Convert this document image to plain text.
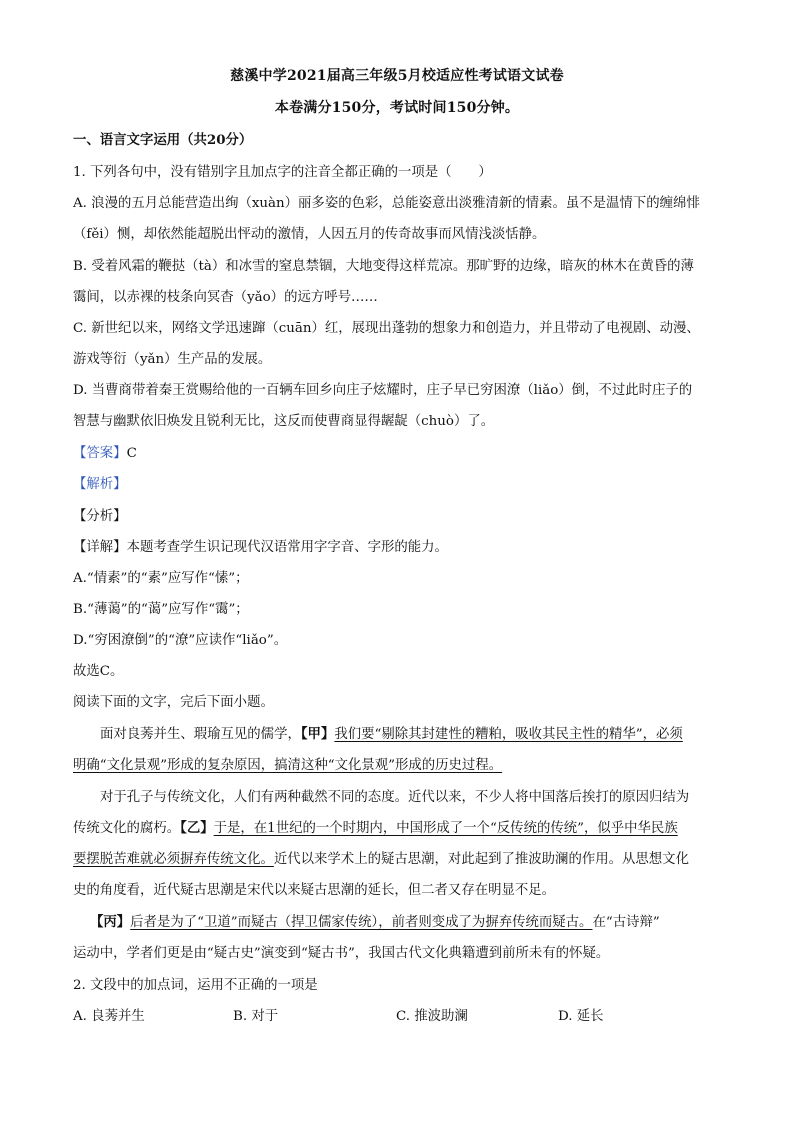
慈溪中学2021届高三年级5月校适应性考试语文试卷
本卷满分150分，考试时间150分钟。
一、语言文字运用（共20分）
1. 下列各句中，没有错别字且加点字的注音全都正确的一项是（　　）
A. 浪漫的五月总能营造出绚（xuàn）丽多姿的色彩，总能姿意出淡雅清新的情素。虽不是温情下的缠绵悱
（fěi）恻，却依然能超脱出怦动的激情，人因五月的传奇故事而风情浅淡恬静。
B. 受着风霜的鞭挞（tà）和冰雪的窒息禁锢，大地变得这样荒凉。那旷野的边缘，暗灰的林木在黄昏的薄
霭间，以赤裸的枝条向冥杳（yǎo）的远方呼号……
C. 新世纪以来，网络文学迅速蹿（cuān）红，展现出蓬勃的想象力和创造力，并且带动了电视剧、动漫、
游戏等衍（yǎn）生产品的发展。
D. 当曹商带着秦王赏赐给他的一百辆车回乡向庄子炫耀时，庄子早已穷困潦（liǎo）倒，不过此时庄子的
智慧与幽默依旧焕发且锐利无比，这反而使曹商显得龌龊（chuò）了。
【答案】C
【解析】
【分析】
【详解】本题考查学生识记现代汉语常用字字音、字形的能力。
A.“情素”的“素”应写作“愫”；
B.“薄蔼”的“蔼”应写作“霭”；
D.“穷困潦倒”的“潦”应读作“liǎo”。
故选C。
阅读下面的文字，完后下面小题。
面对良莠并生、瑕瑜互见的儒学，【甲】我们要“剔除其封建性的糟粕，吸收其民主性的精华”，必须
明确“文化景观”形成的复杂原因，搞清这种“文化景观”形成的历史过程。
对于孔子与传统文化，人们有两种截然不同的态度。近代以来，不少人将中国落后挨打的原因归结为
传统文化的腐朽。【乙】于是，在1世纪的一个时期内，中国形成了一个“反传统的传统”，似乎中华民族
要摆脱苦难就必须摒弃传统文化。近代以来学术上的疑古思潮，对此起到了推波助澜的作用。从思想文化
史的角度看，近代疑古思潮是宋代以来疑古思潮的延长，但二者又存在明显不足。
【丙】后者是为了“卫道”而疑古（捍卫儒家传统），前者则变成了为摒弃传统而疑古。在“古诗辩”
运动中，学者们更是由“疑古史”演变到“疑古书”，我国古代文化典籍遭到前所未有的怀疑。
2. 文段中的加点词，运用不正确的一项是
A. 良莠并生	B. 对于	C. 推波助澜	D. 延长
